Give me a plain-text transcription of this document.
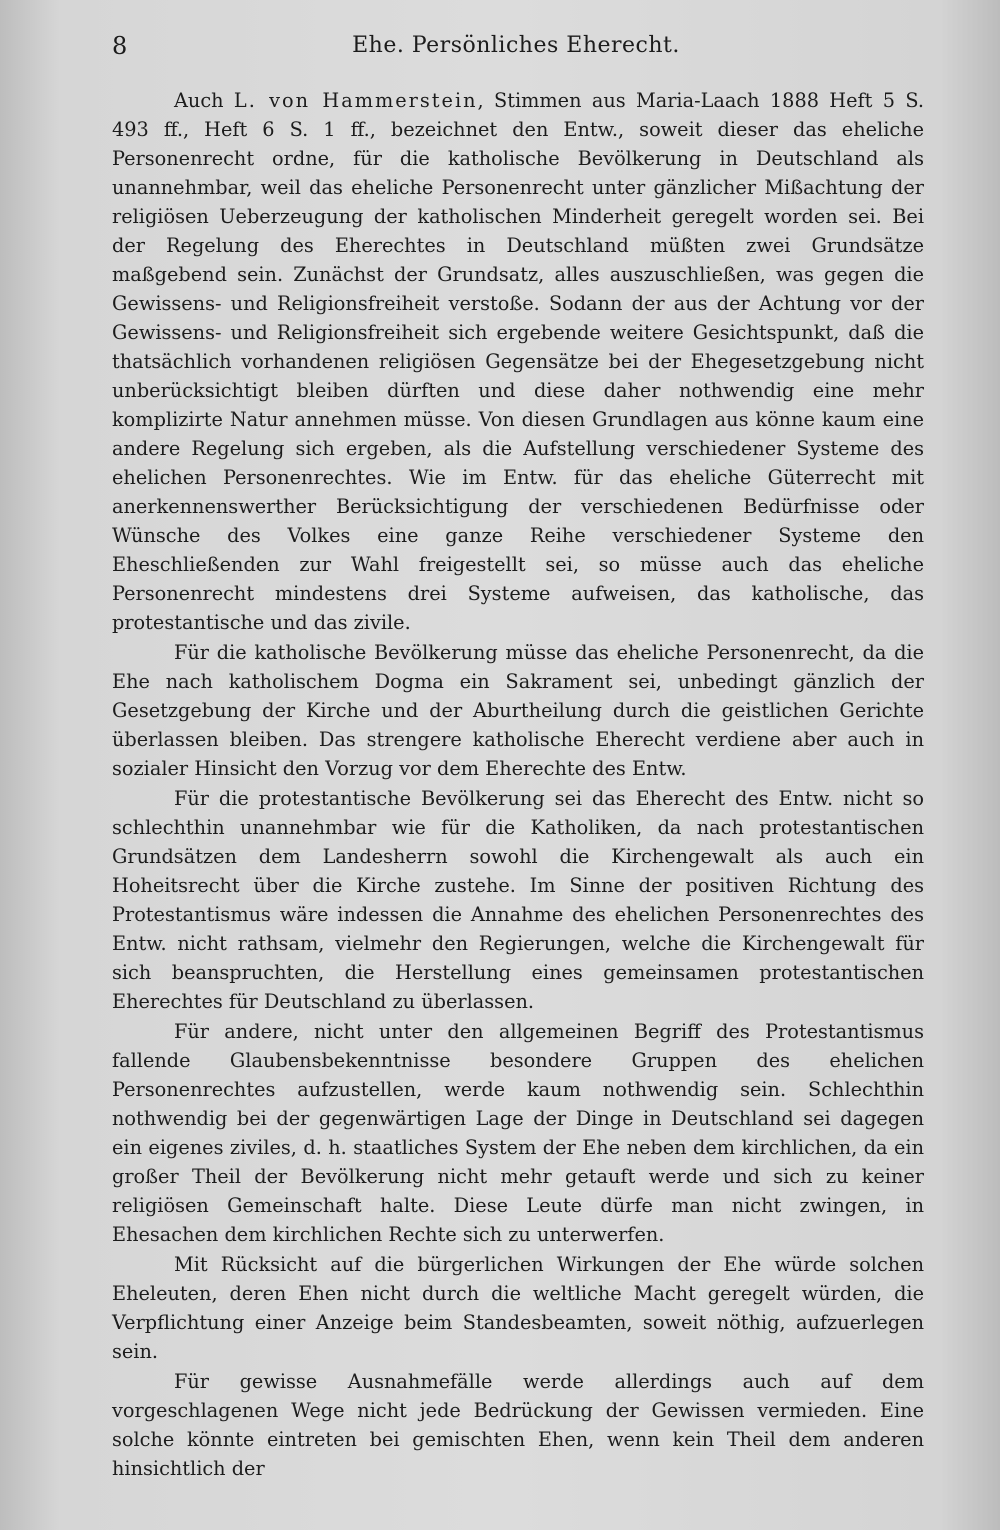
8	Ehe. Persönliches Eherecht.

Auch L. von Hammerstein, Stimmen aus Maria-Laach 1888 Heft 5 S. 493 ff., Heft 6 S. 1 ff., bezeichnet den Entw., soweit dieser das eheliche Personenrecht ordne, für die katholische Bevölkerung in Deutschland als unannehmbar, weil das eheliche Personenrecht unter gänzlicher Mißachtung der religiösen Ueberzeugung der katholischen Minderheit geregelt worden sei. Bei der Regelung des Eherechtes in Deutschland müßten zwei Grundsätze maßgebend sein. Zunächst der Grundsatz, alles auszuschließen, was gegen die Gewissens- und Religionsfreiheit verstoße. Sodann der aus der Achtung vor der Gewissens- und Religionsfreiheit sich ergebende weitere Gesichtspunkt, daß die thatsächlich vorhandenen religiösen Gegensätze bei der Ehegesetzgebung nicht unberücksichtigt bleiben dürften und diese daher nothwendig eine mehr komplizirte Natur annehmen müsse. Von diesen Grundlagen aus könne kaum eine andere Regelung sich ergeben, als die Aufstellung verschiedener Systeme des ehelichen Personenrechtes. Wie im Entw. für das eheliche Güterrecht mit anerkennenswerther Berücksichtigung der verschiedenen Bedürfnisse oder Wünsche des Volkes eine ganze Reihe verschiedener Systeme den Eheschließenden zur Wahl freigestellt sei, so müsse auch das eheliche Personenrecht mindestens drei Systeme aufweisen, das katholische, das protestantische und das zivile.

Für die katholische Bevölkerung müsse das eheliche Personenrecht, da die Ehe nach katholischem Dogma ein Sakrament sei, unbedingt gänzlich der Gesetzgebung der Kirche und der Aburtheilung durch die geistlichen Gerichte überlassen bleiben. Das strengere katholische Eherecht verdiene aber auch in sozialer Hinsicht den Vorzug vor dem Eherechte des Entw.

Für die protestantische Bevölkerung sei das Eherecht des Entw. nicht so schlechthin unannehmbar wie für die Katholiken, da nach protestantischen Grundsätzen dem Landesherrn sowohl die Kirchengewalt als auch ein Hoheitsrecht über die Kirche zustehe. Im Sinne der positiven Richtung des Protestantismus wäre indessen die Annahme des ehelichen Personenrechtes des Entw. nicht rathsam, vielmehr den Regierungen, welche die Kirchengewalt für sich beanspruchten, die Herstellung eines gemeinsamen protestantischen Eherechtes für Deutschland zu überlassen.

Für andere, nicht unter den allgemeinen Begriff des Protestantismus fallende Glaubensbekenntnisse besondere Gruppen des ehelichen Personenrechtes aufzustellen, werde kaum nothwendig sein. Schlechthin nothwendig bei der gegenwärtigen Lage der Dinge in Deutschland sei dagegen ein eigenes ziviles, d. h. staatliches System der Ehe neben dem kirchlichen, da ein großer Theil der Bevölkerung nicht mehr getauft werde und sich zu keiner religiösen Gemeinschaft halte. Diese Leute dürfe man nicht zwingen, in Ehesachen dem kirchlichen Rechte sich zu unterwerfen.

Mit Rücksicht auf die bürgerlichen Wirkungen der Ehe würde solchen Eheleuten, deren Ehen nicht durch die weltliche Macht geregelt würden, die Verpflichtung einer Anzeige beim Standesbeamten, soweit nöthig, aufzuerlegen sein.

Für gewisse Ausnahmefälle werde allerdings auch auf dem vorgeschlagenen Wege nicht jede Bedrückung der Gewissen vermieden. Eine solche könnte eintreten bei gemischten Ehen, wenn kein Theil dem anderen hinsichtlich der
